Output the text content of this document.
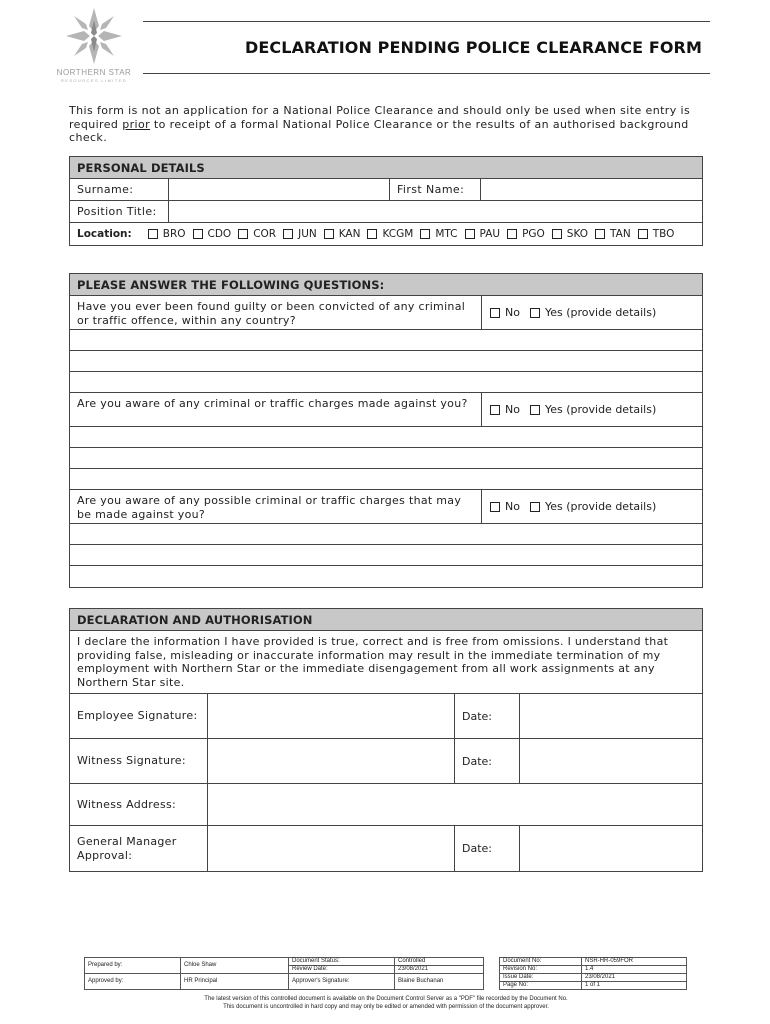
NORTHERN STAR
RESOURCES LIMITED
DECLARATION PENDING POLICE CLEARANCE FORM
This form is not an application for a National Police Clearance and should only be used when site entry is required prior to receipt of a formal National Police Clearance or the results of an authorised background check.
PERSONAL DETAILS
Surname:	First Name:
Position Title:
Location:	BRO CDO COR JUN KAN KCGM MTC PAU PGO SKO TAN TBO
PLEASE ANSWER THE FOLLOWING QUESTIONS:
Have you ever been found guilty or been convicted of any criminal or traffic offence, within any country?
No Yes (provide details)
Are you aware of any criminal or traffic charges made against you?	No Yes (provide details)
Are you aware of any possible criminal or traffic charges that may be made against you?
No Yes (provide details)
DECLARATION AND AUTHORISATION
I declare the information I have provided is true, correct and is free from omissions. I understand that providing false, misleading or inaccurate information may result in the immediate termination of my employment with Northern Star or the immediate disengagement from all work assignments at any Northern Star site.
Employee Signature:	Date:
Witness Signature:	Date:
Witness Address:
General Manager Approval:	Date:
Prepared by:	Chloe Shaw	Document Status:	Controlled
		Review Date:	23/08/2021
Approved by:	HR Principal	Approver's Signature:	Blaine Buchanan
Document No:	NSR-HR-059FOR
Revision No:	1.4
Issue Date:	23/08/2021
Page No:	1 of 1
The latest version of this controlled document is available on the Document Control Server as a "PDF" file recorded by the Document No.
This document is uncontrolled in hard copy and may only be edited or amended with permission of the document approver.
